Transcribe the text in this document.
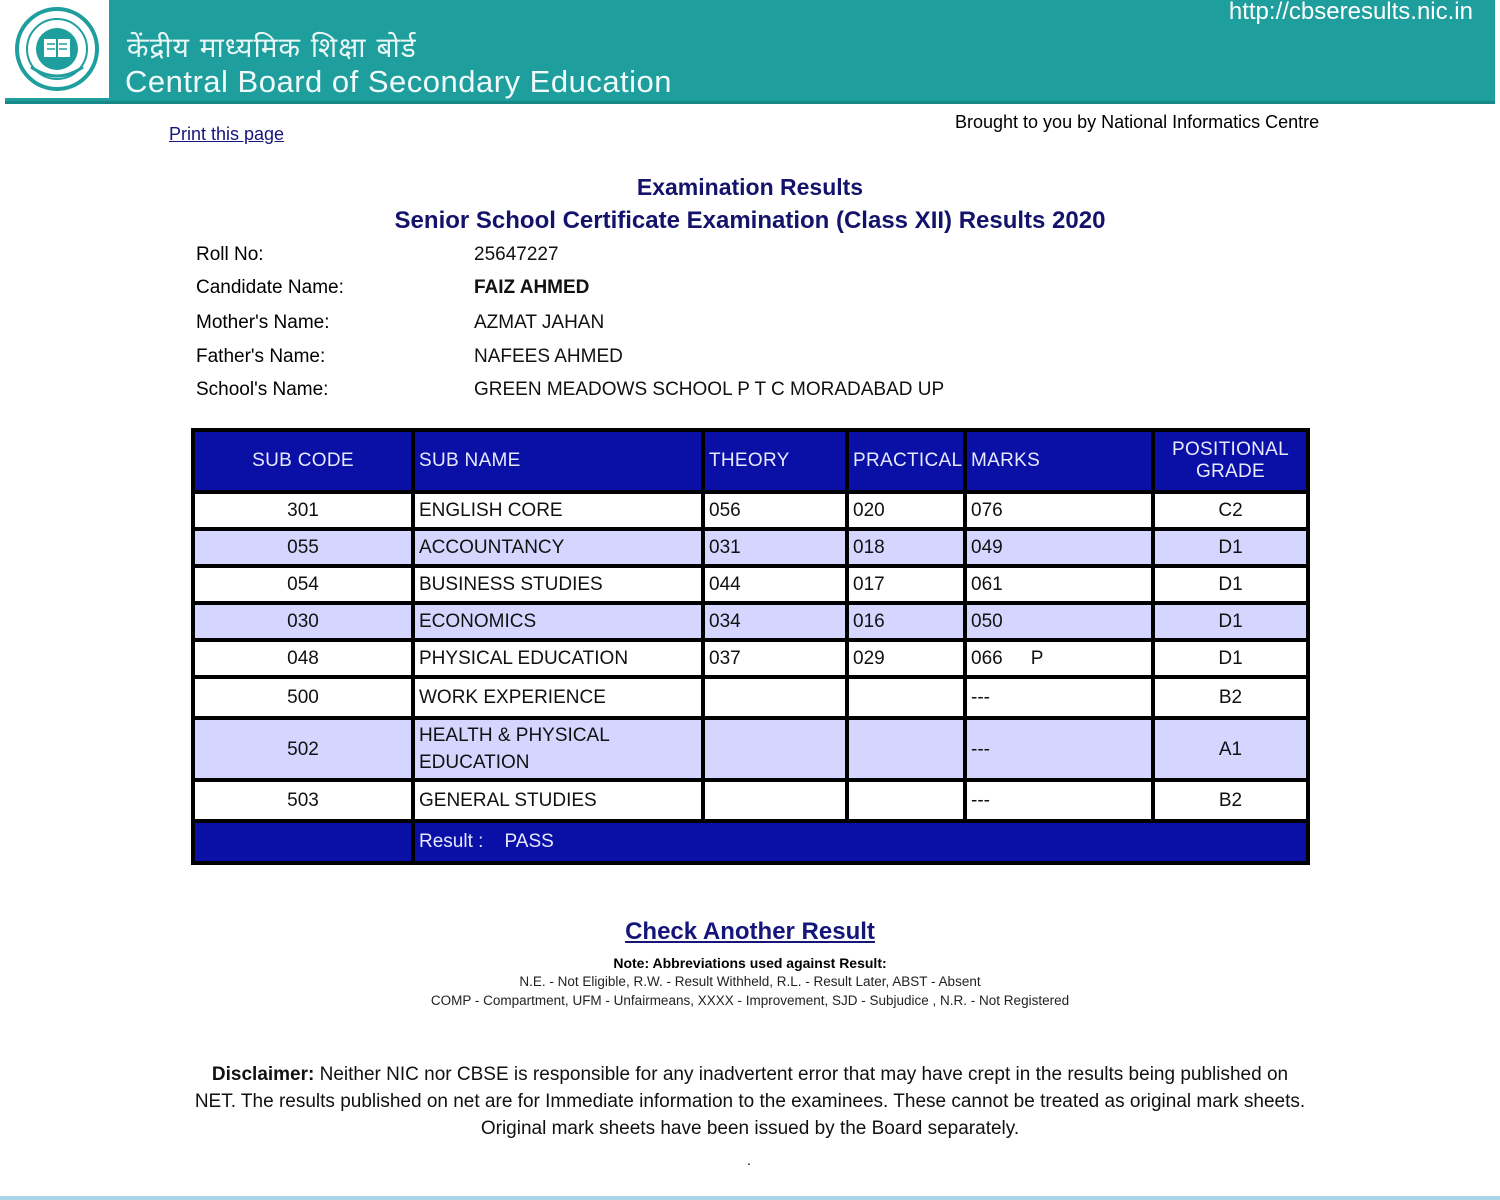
केंद्रीय माध्यमिक शिक्षा बोर्ड
Central Board of Secondary Education
http://cbseresults.nic.in
Print this page
Brought to you by National Informatics Centre
Examination Results
Senior School Certificate Examination (Class XII) Results 2020
Roll No:	25647227
Candidate Name:	FAIZ AHMED
Mother's Name:	AZMAT JAHAN
Father's Name:	NAFEES AHMED
School's Name:	GREEN MEADOWS SCHOOL P T C MORADABAD UP
SUB CODE	SUB NAME	THEORY	PRACTICAL	MARKS	POSITIONAL
GRADE
301	ENGLISH CORE	056	020	076	C2
055	ACCOUNTANCY	031	018	049	D1
054	BUSINESS STUDIES	044	017	061	D1
030	ECONOMICS	034	016	050	D1
048	PHYSICAL EDUCATION	037	029	066 P	D1
500	WORK EXPERIENCE			---	B2
502	HEALTH & PHYSICAL
EDUCATION			---	A1
503	GENERAL STUDIES			---	B2
	Result : PASS				
Check Another Result
Note: Abbreviations used against Result:
N.E. - Not Eligible, R.W. - Result Withheld, R.L. - Result Later, ABST - Absent
COMP - Compartment, UFM - Unfairmeans, XXXX - Improvement, SJD - Subjudice , N.R. - Not Registered
Disclaimer: Neither NIC nor CBSE is responsible for any inadvertent error that may have crept in the results being published on NET. The results published on net are for Immediate information to the examinees. These cannot be treated as original mark sheets. Original mark sheets have been issued by the Board separately.
.
